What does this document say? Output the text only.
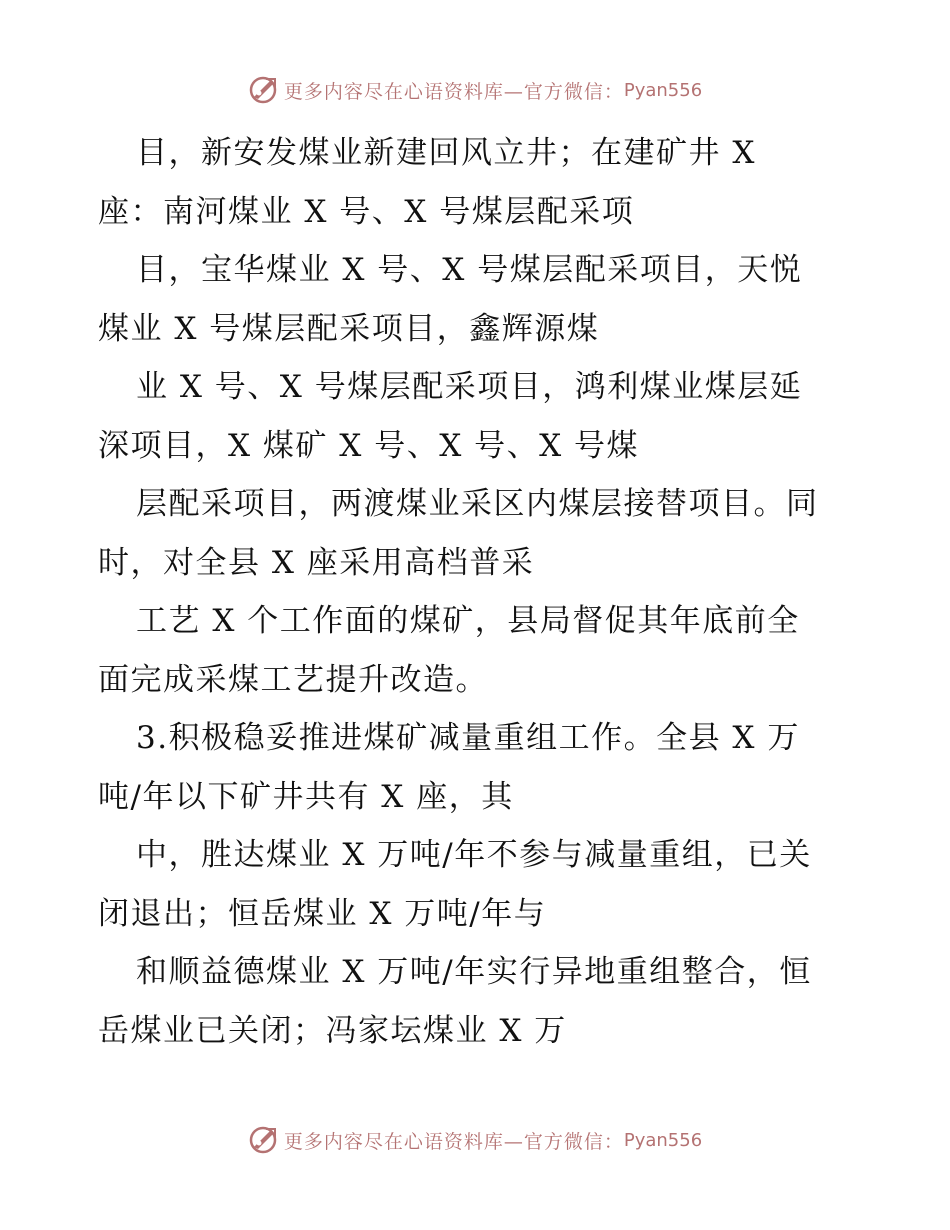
更多内容尽在心语资料库—官方微信： Pyan556
目，新安发煤业新建回风立井；在建矿井 X
座：南河煤业 X 号、X 号煤层配采项
目，宝华煤业 X 号、X 号煤层配采项目，天悦
煤业 X 号煤层配采项目，鑫辉源煤
业 X 号、X 号煤层配采项目，鸿利煤业煤层延
深项目，X 煤矿 X 号、X 号、X 号煤
层配采项目，两渡煤业采区内煤层接替项目。同
时，对全县 X 座采用高档普采
工艺 X 个工作面的煤矿，县局督促其年底前全
面完成采煤工艺提升改造。
3.积极稳妥推进煤矿减量重组工作。全县 X 万
吨/年以下矿井共有 X 座，其
中，胜达煤业 X 万吨/年不参与减量重组，已关
闭退出；恒岳煤业 X 万吨/年与
和顺益德煤业 X 万吨/年实行异地重组整合，恒
岳煤业已关闭；冯家坛煤业 X 万
更多内容尽在心语资料库—官方微信： Pyan556
